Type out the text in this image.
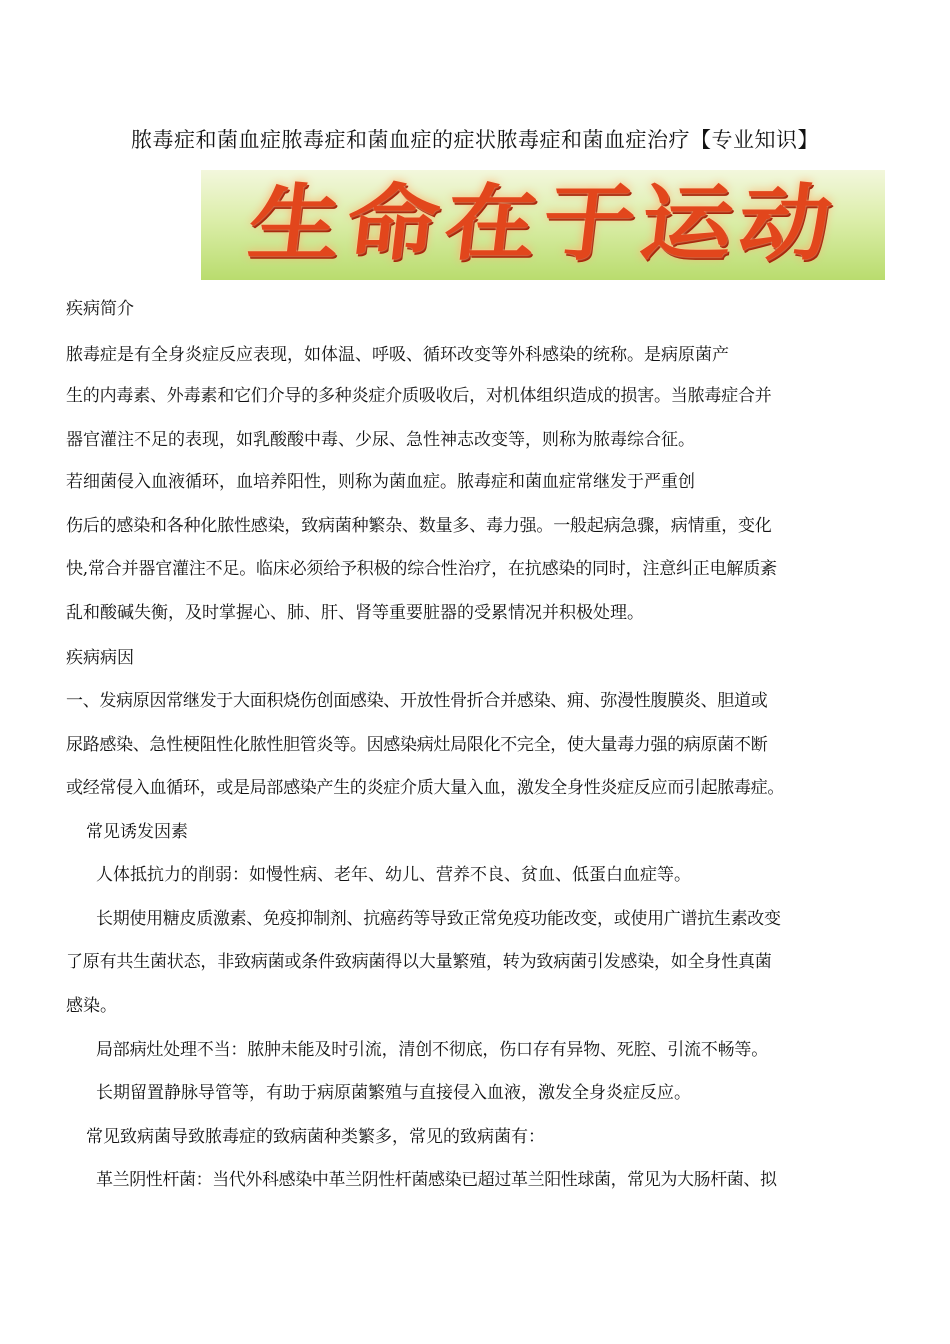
脓毒症和菌血症脓毒症和菌血症的症状脓毒症和菌血症治疗【专业知识】
生命在于运动
疾病简介
脓毒症是有全身炎症反应表现，如体温、呼吸、循环改变等外科感染的统称。是病原菌产
生的内毒素、外毒素和它们介导的多种炎症介质吸收后，对机体组织造成的损害。当脓毒症合并
器官灌注不足的表现，如乳酸酸中毒、少尿、急性神志改变等，则称为脓毒综合征。
若细菌侵入血液循环，血培养阳性，则称为菌血症。脓毒症和菌血症常继发于严重创
伤后的感染和各种化脓性感染，致病菌种繁杂、数量多、毒力强。一般起病急骤，病情重，变化
快,常合并器官灌注不足。临床必须给予积极的综合性治疗，在抗感染的同时，注意纠正电解质紊
乱和酸碱失衡，及时掌握心、肺、肝、肾等重要脏器的受累情况并积极处理。
疾病病因
一、发病原因常继发于大面积烧伤创面感染、开放性骨折合并感染、痈、弥漫性腹膜炎、胆道或
尿路感染、急性梗阻性化脓性胆管炎等。因感染病灶局限化不完全，使大量毒力强的病原菌不断
或经常侵入血循环，或是局部感染产生的炎症介质大量入血，激发全身性炎症反应而引起脓毒症。
常见诱发因素
人体抵抗力的削弱：如慢性病、老年、幼儿、营养不良、贫血、低蛋白血症等。
长期使用糖皮质激素、免疫抑制剂、抗癌药等导致正常免疫功能改变，或使用广谱抗生素改变
了原有共生菌状态，非致病菌或条件致病菌得以大量繁殖，转为致病菌引发感染，如全身性真菌
感染。
局部病灶处理不当：脓肿未能及时引流，清创不彻底，伤口存有异物、死腔、引流不畅等。
长期留置静脉导管等，有助于病原菌繁殖与直接侵入血液，激发全身炎症反应。
常见致病菌导致脓毒症的致病菌种类繁多，常见的致病菌有：
革兰阴性杆菌：当代外科感染中革兰阴性杆菌感染已超过革兰阳性球菌，常见为大肠杆菌、拟
